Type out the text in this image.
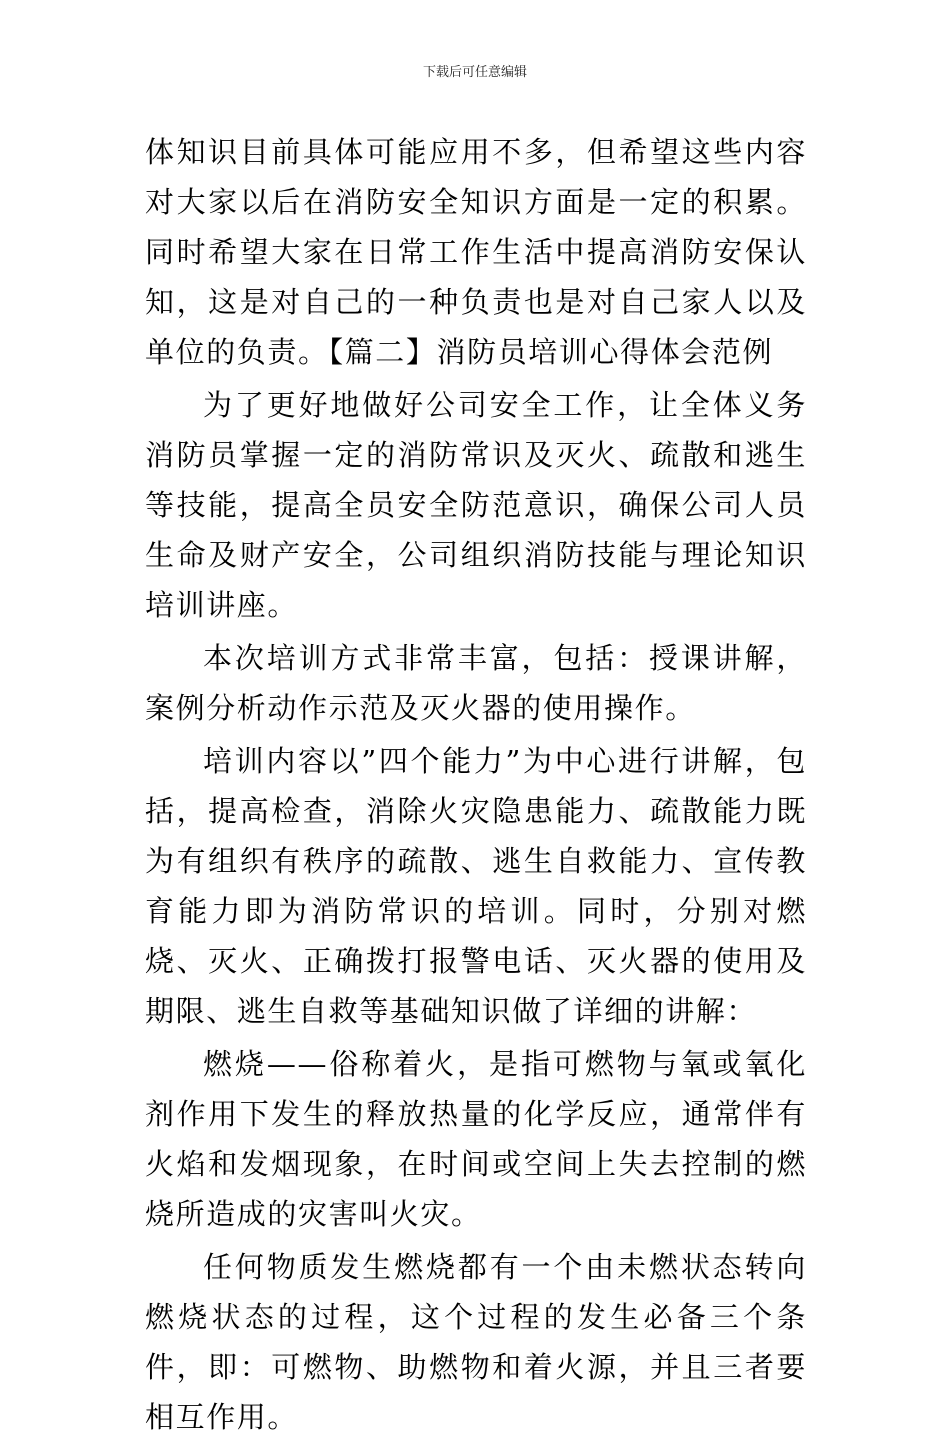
下载后可任意编辑

体知识目前具体可能应用不多，但希望这些内容对大家以后在消防安全知识方面是一定的积累。同时希望大家在日常工作生活中提高消防安保认知，这是对自己的一种负责也是对自己家人以及单位的负责。【篇二】消防员培训心得体会范例

为了更好地做好公司安全工作，让全体义务消防员掌握一定的消防常识及灭火、疏散和逃生等技能，提高全员安全防范意识，确保公司人员生命及财产安全，公司组织消防技能与理论知识培训讲座。

本次培训方式非常丰富，包括：授课讲解，案例分析动作示范及灭火器的使用操作。

培训内容以”四个能力”为中心进行讲解，包括，提高检查，消除火灾隐患能力、疏散能力既为有组织有秩序的疏散、逃生自救能力、宣传教育能力即为消防常识的培训。同时，分别对燃烧、灭火、正确拨打报警电话、灭火器的使用及期限、逃生自救等基础知识做了详细的讲解：

燃烧——俗称着火，是指可燃物与氧或氧化剂作用下发生的释放热量的化学反应，通常伴有火焰和发烟现象，在时间或空间上失去控制的燃烧所造成的灾害叫火灾。

任何物质发生燃烧都有一个由未燃状态转向燃烧状态的过程，这个过程的发生必备三个条件，即：可燃物、助燃物和着火源，并且三者要相互作用。
